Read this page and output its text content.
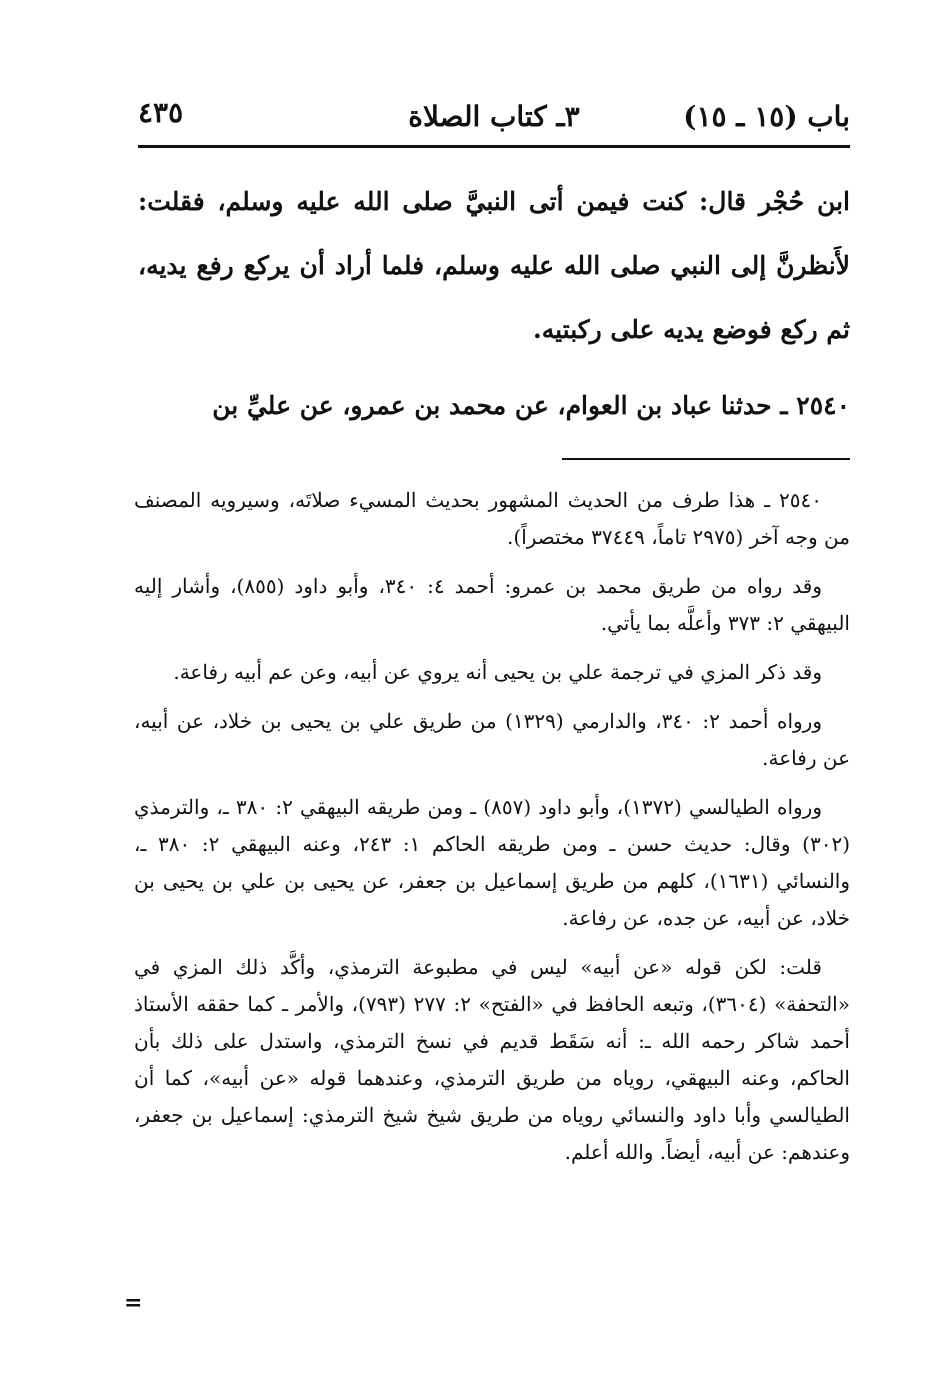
باب (١٥ ـ ١٥)
٣ـ كتاب الصلاة
٤٣٥

ابن حُجْر قال: كنت فيمن أتى النبيَّ صلى الله عليه وسلم، فقلت: لأَنظرنَّ إلى النبي صلى الله عليه وسلم، فلما أراد أن يركع رفع يديه، ثم ركع فوضع يديه على ركبتيه.

٢٥٤٠ ـ حدثنا عباد بن العوام، عن محمد بن عمرو، عن عليِّ بن

٢٥٤٠ ـ هذا طرف من الحديث المشهور بحديث المسيء صلاتَه، وسيرويه المصنف من وجه آخر (٢٩٧٥ تاماً، ٣٧٤٤٩ مختصراً).

وقد رواه من طريق محمد بن عمرو: أحمد ٤: ٣٤٠، وأبو داود (٨٥٥)، وأشار إليه البيهقي ٢: ٣٧٣ وأعلَّه بما يأتي.

وقد ذكر المزي في ترجمة علي بن يحيى أنه يروي عن أبيه، وعن عم أبيه رفاعة.

ورواه أحمد ٢: ٣٤٠، والدارمي (١٣٢٩) من طريق علي بن يحيى بن خلاد، عن أبيه، عن رفاعة.

ورواه الطيالسي (١٣٧٢)، وأبو داود (٨٥٧) ـ ومن طريقه البيهقي ٢: ٣٨٠ ـ، والترمذي (٣٠٢) وقال: حديث حسن ـ ومن طريقه الحاكم ١: ٢٤٣، وعنه البيهقي ٢: ٣٨٠ ـ، والنسائي (١٦٣١)، كلهم من طريق إسماعيل بن جعفر، عن يحيى بن علي بن يحيى بن خلاد، عن أبيه، عن جده، عن رفاعة.

قلت: لكن قوله «عن أبيه» ليس في مطبوعة الترمذي، وأكَّد ذلك المزي في «التحفة» (٣٦٠٤)، وتبعه الحافظ في «الفتح» ٢: ٢٧٧ (٧٩٣)، والأمر ـ كما حققه الأستاذ أحمد شاكر رحمه الله ـ: أنه سَقَط قديم في نسخ الترمذي، واستدل على ذلك بأن الحاكم، وعنه البيهقي، روياه من طريق الترمذي، وعندهما قوله «عن أبيه»، كما أن الطيالسي وأبا داود والنسائي روياه من طريق شيخ شيخ الترمذي: إسماعيل بن جعفر، وعندهم: عن أبيه، أيضاً. والله أعلم.

=
